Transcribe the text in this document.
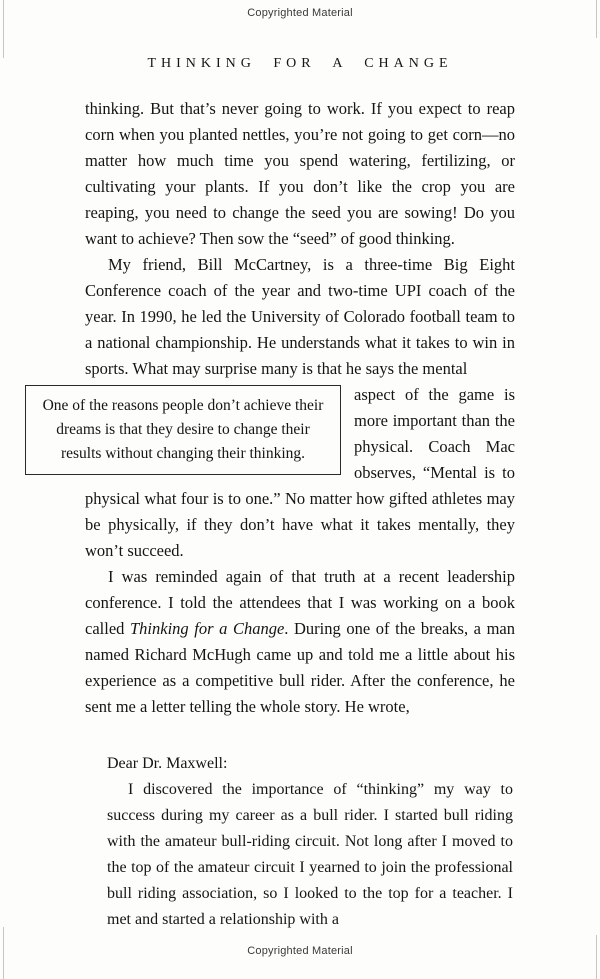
Copyrighted Material
THINKING FOR A CHANGE
thinking. But that’s never going to work. If you expect to reap corn when you planted nettles, you’re not going to get corn—no matter how much time you spend watering, fertilizing, or cultivating your plants. If you don’t like the crop you are reaping, you need to change the seed you are sowing! Do you want to achieve? Then sow the “seed” of good thinking.
My friend, Bill McCartney, is a three-time Big Eight Conference coach of the year and two-time UPI coach of the year. In 1990, he led the University of Colorado football team to a national championship. He understands what it takes to win in sports. What may surprise many is that he says the mental
One of the reasons people don’t achieve their dreams is that they desire to change their results without changing their thinking.
aspect of the game is more important than the physical. Coach Mac observes, “Mental is to physical what four is to one.” No matter how gifted athletes may be physically, if they don’t have what it takes mentally, they won’t succeed.
I was reminded again of that truth at a recent leadership conference. I told the attendees that I was working on a book called Thinking for a Change. During one of the breaks, a man named Richard McHugh came up and told me a little about his experience as a competitive bull rider. After the conference, he sent me a letter telling the whole story. He wrote,
Dear Dr. Maxwell:
I discovered the importance of “thinking” my way to success during my career as a bull rider. I started bull riding with the amateur bull-riding circuit. Not long after I moved to the top of the amateur circuit I yearned to join the professional bull riding association, so I looked to the top for a teacher. I met and started a relationship with a
Copyrighted Material
